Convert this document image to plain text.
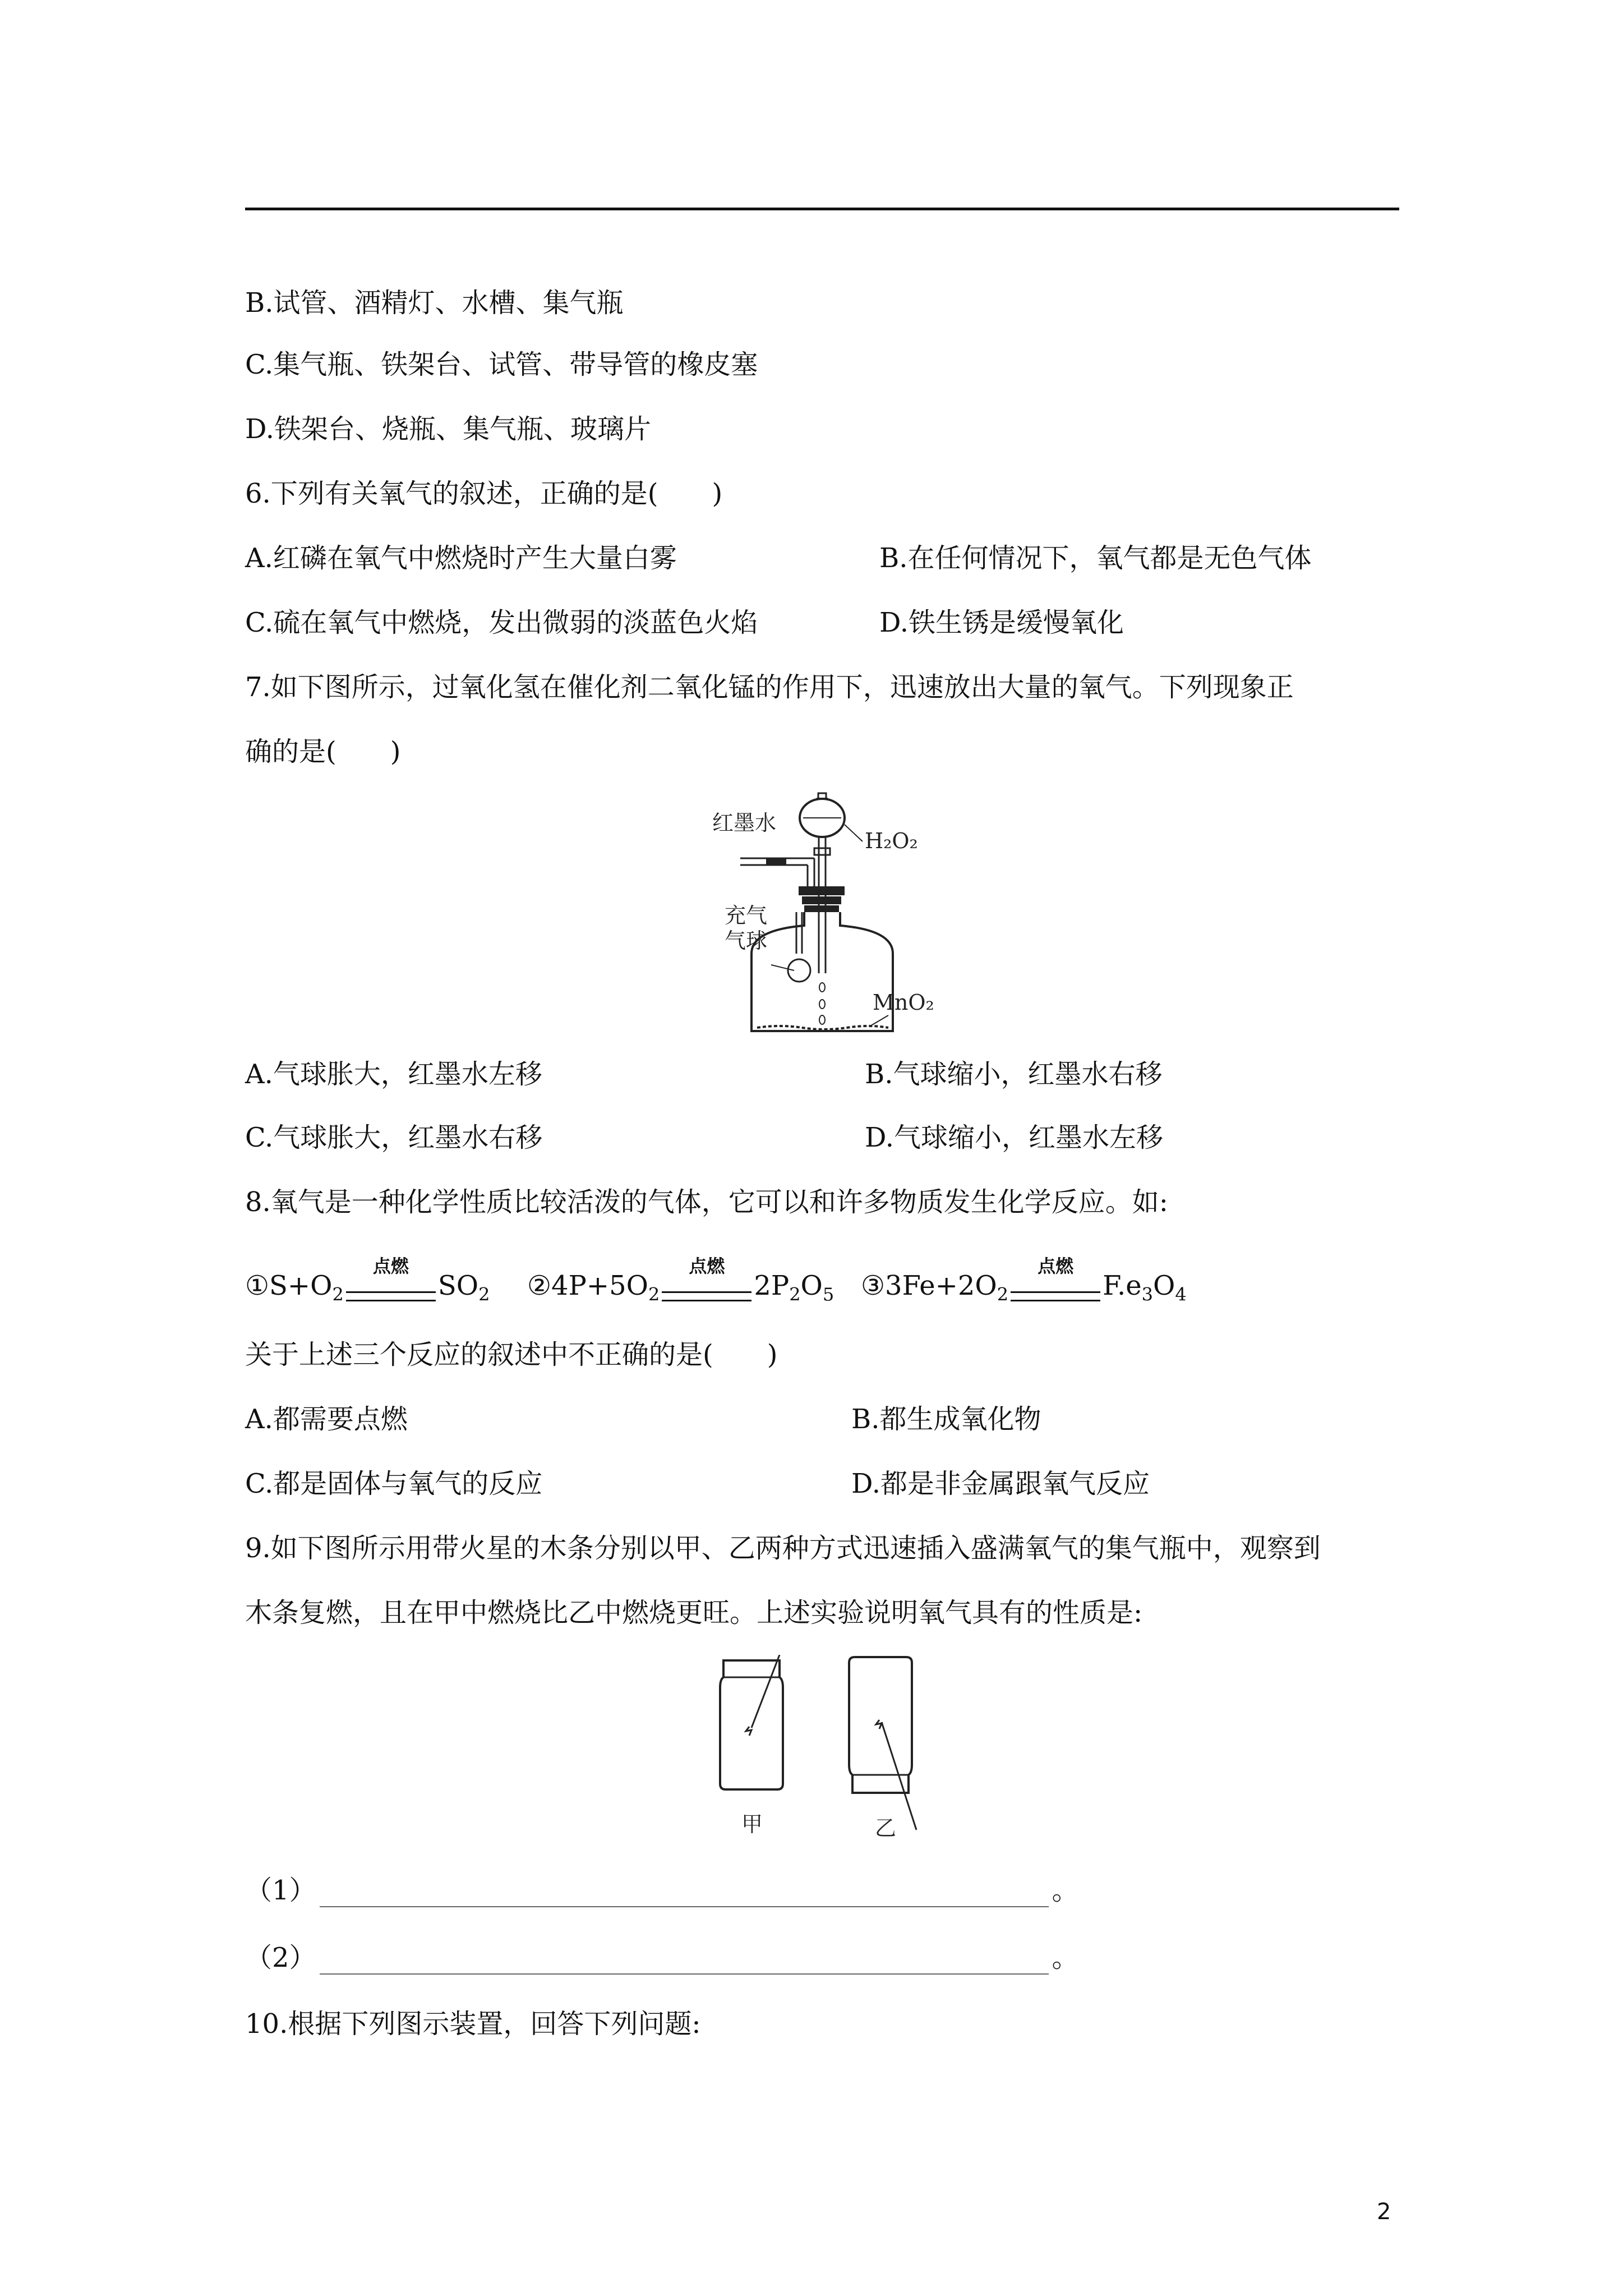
B.试管、酒精灯、水槽、集气瓶
C.集气瓶、铁架台、试管、带导管的橡皮塞
D.铁架台、烧瓶、集气瓶、玻璃片
6.下列有关氧气的叙述，正确的是(　　)
A.红磷在氧气中燃烧时产生大量白雾	B.在任何情况下，氧气都是无色气体
C.硫在氧气中燃烧，发出微弱的淡蓝色火焰	D.铁生锈是缓慢氧化
7.如下图所示，过氧化氢在催化剂二氧化锰的作用下，迅速放出大量的氧气。下列现象正
确的是(　　)
红墨水
H₂O₂
充气
气球
MnO₂
A.气球胀大，红墨水左移	B.气球缩小，红墨水右移
C.气球胀大，红墨水右移	D.气球缩小，红墨水左移
8.氧气是一种化学性质比较活泼的气体，它可以和许多物质发生化学反应。如:
$①S+O_2$
点燃
$SO_2$ $②4P+5O_2$
点燃
$2P_2O_5$ $③3Fe+2O_2$
点燃
$F.e_3O_4$
关于上述三个反应的叙述中不正确的是(　　)
A.都需要点燃	B.都生成氧化物
C.都是固体与氧气的反应	D.都是非金属跟氧气反应
9.如下图所示用带火星的木条分别以甲、乙两种方式迅速插入盛满氧气的集气瓶中，观察到
木条复燃，且在甲中燃烧比乙中燃烧更旺。上述实验说明氧气具有的性质是:
甲	乙
（1）	。
（2）	。
10.根据下列图示装置，回答下列问题:
2
